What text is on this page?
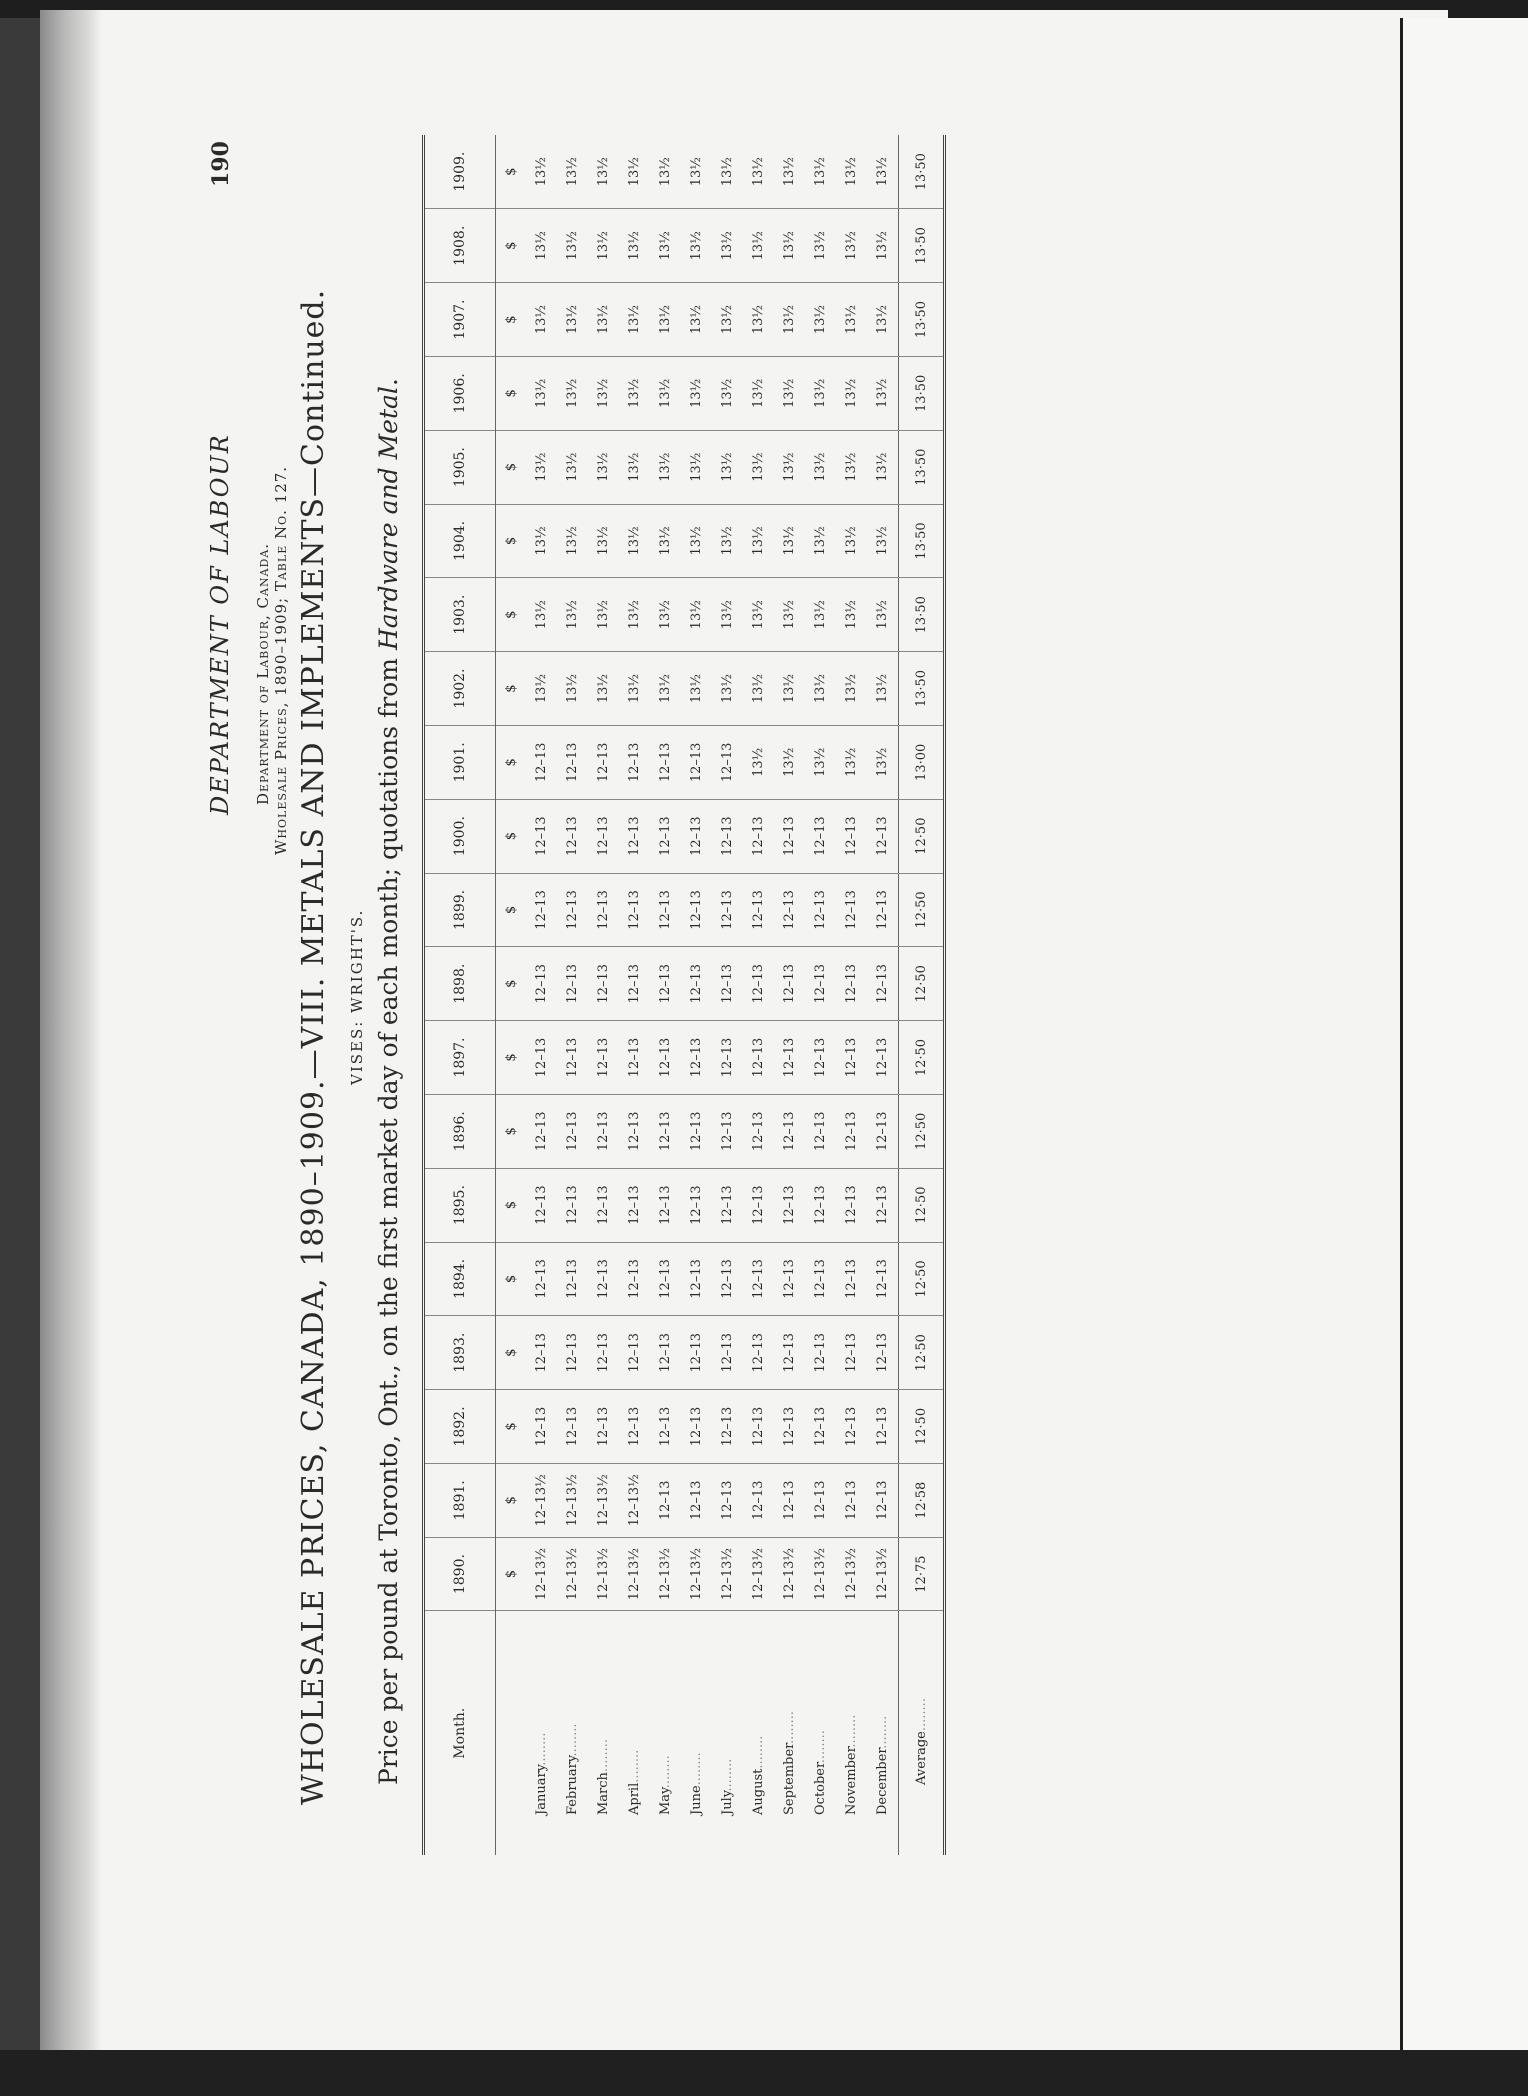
190
DEPARTMENT OF LABOUR Department of Labour, Canada. Wholesale Prices, 1890–1909; Table No. 127. WHOLESALE PRICES, CANADA, 1890–1909.—VIII. METALS AND IMPLEMENTS—Continued. VISES: WRIGHT'S. Price per pound at Toronto, Ont., on the first market day of each month; quotations from Hardware and Metal.
Month.	1890.	1891.	1892.	1893.	1894.	1895.	1896.	1897.	1898.	1899.	1900.	1901.	1902.	1903.	1904.	1905.	1906.	1907.	1908.	1909.
	$	$	$	$	$	$	$	$	$	$	$	$	$	$	$	$	$	$	$	$
January........	12–13½	12–13½	12–13	12–13	12–13	12–13	12–13	12–13	12–13	12–13	12–13	12–13	13½	13½	13½	13½	13½	13½	13½	13½
February........	12–13½	12–13½	12–13	12–13	12–13	12–13	12–13	12–13	12–13	12–13	12–13	12–13	13½	13½	13½	13½	13½	13½	13½	13½
March........	12–13½	12–13½	12–13	12–13	12–13	12–13	12–13	12–13	12–13	12–13	12–13	12–13	13½	13½	13½	13½	13½	13½	13½	13½
April........	12–13½	12–13½	12–13	12–13	12–13	12–13	12–13	12–13	12–13	12–13	12–13	12–13	13½	13½	13½	13½	13½	13½	13½	13½
May........	12–13½	12–13	12–13	12–13	12–13	12–13	12–13	12–13	12–13	12–13	12–13	12–13	13½	13½	13½	13½	13½	13½	13½	13½
June........	12–13½	12–13	12–13	12–13	12–13	12–13	12–13	12–13	12–13	12–13	12–13	12–13	13½	13½	13½	13½	13½	13½	13½	13½
July........	12–13½	12–13	12–13	12–13	12–13	12–13	12–13	12–13	12–13	12–13	12–13	12–13	13½	13½	13½	13½	13½	13½	13½	13½
August........	12–13½	12–13	12–13	12–13	12–13	12–13	12–13	12–13	12–13	12–13	12–13	13½	13½	13½	13½	13½	13½	13½	13½	13½
September........	12–13½	12–13	12–13	12–13	12–13	12–13	12–13	12–13	12–13	12–13	12–13	13½	13½	13½	13½	13½	13½	13½	13½	13½
October........	12–13½	12–13	12–13	12–13	12–13	12–13	12–13	12–13	12–13	12–13	12–13	13½	13½	13½	13½	13½	13½	13½	13½	13½
November........	12–13½	12–13	12–13	12–13	12–13	12–13	12–13	12–13	12–13	12–13	12–13	13½	13½	13½	13½	13½	13½	13½	13½	13½
December........	12–13½	12–13	12–13	12–13	12–13	12–13	12–13	12–13	12–13	12–13	12–13	13½	13½	13½	13½	13½	13½	13½	13½	13½
Average........	12·75	12·58	12·50	12·50	12·50	12·50	12·50	12·50	12·50	12·50	12·50	13·00	13·50	13·50	13·50	13·50	13·50	13·50	13·50	13·50
